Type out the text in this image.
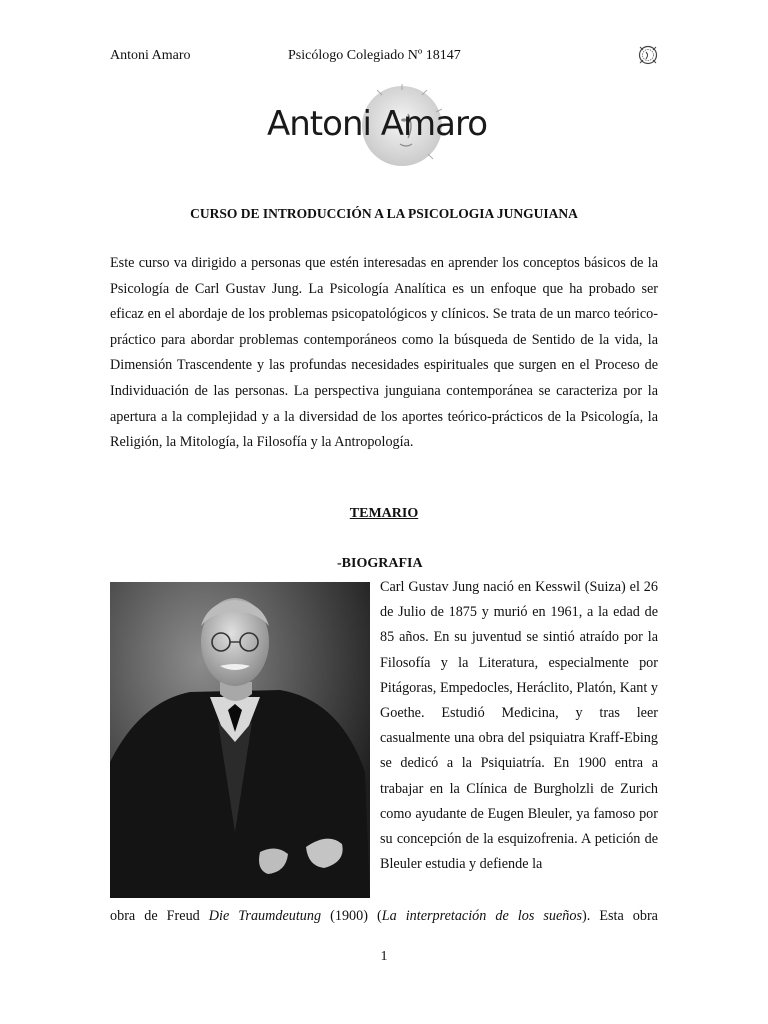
Antoni Amaro	Psicólogo Colegiado Nº 18147
Antoni Amaro
CURSO DE INTRODUCCIÓN A LA PSICOLOGIA JUNGUIANA

Este curso va dirigido a personas que estén interesadas en aprender los conceptos básicos de la Psicología de Carl Gustav Jung. La Psicología Analítica es un enfoque que ha probado ser eficaz en el abordaje de los problemas psicopatológicos y clínicos. Se trata de un marco teórico-práctico para abordar problemas contemporáneos como la búsqueda de Sentido de la vida, la Dimensión Trascendente y las profundas necesidades espirituales que surgen en el Proceso de Individuación de las personas. La perspectiva junguiana contemporánea se caracteriza por la apertura a la complejidad y a la diversidad de los aportes teórico-prácticos de la Psicología, la Religión, la Mitología, la Filosofía y la Antropología.

TEMARIO
-BIOGRAFIA

Carl Gustav Jung nació en Kesswil (Suiza) el 26 de Julio de 1875 y murió en 1961, a la edad de 85 años. En su juventud se sintió atraído por la Filosofía y la Literatura, especialmente por Pitágoras, Empedocles, Heráclito, Platón, Kant y Goethe. Estudió Medicina, y tras leer casualmente una obra del psiquiatra Kraff-Ebing se dedicó a la Psiquiatría. En 1900 entra a trabajar en la Clínica de Burgholzli de Zurich como ayudante de Eugen Bleuler, ya famoso por su concepción de la esquizofrenia. A petición de Bleuler estudia y defiende la

obra de Freud Die Traumdeutung (1900) (La interpretación de los sueños). Esta obra

1
